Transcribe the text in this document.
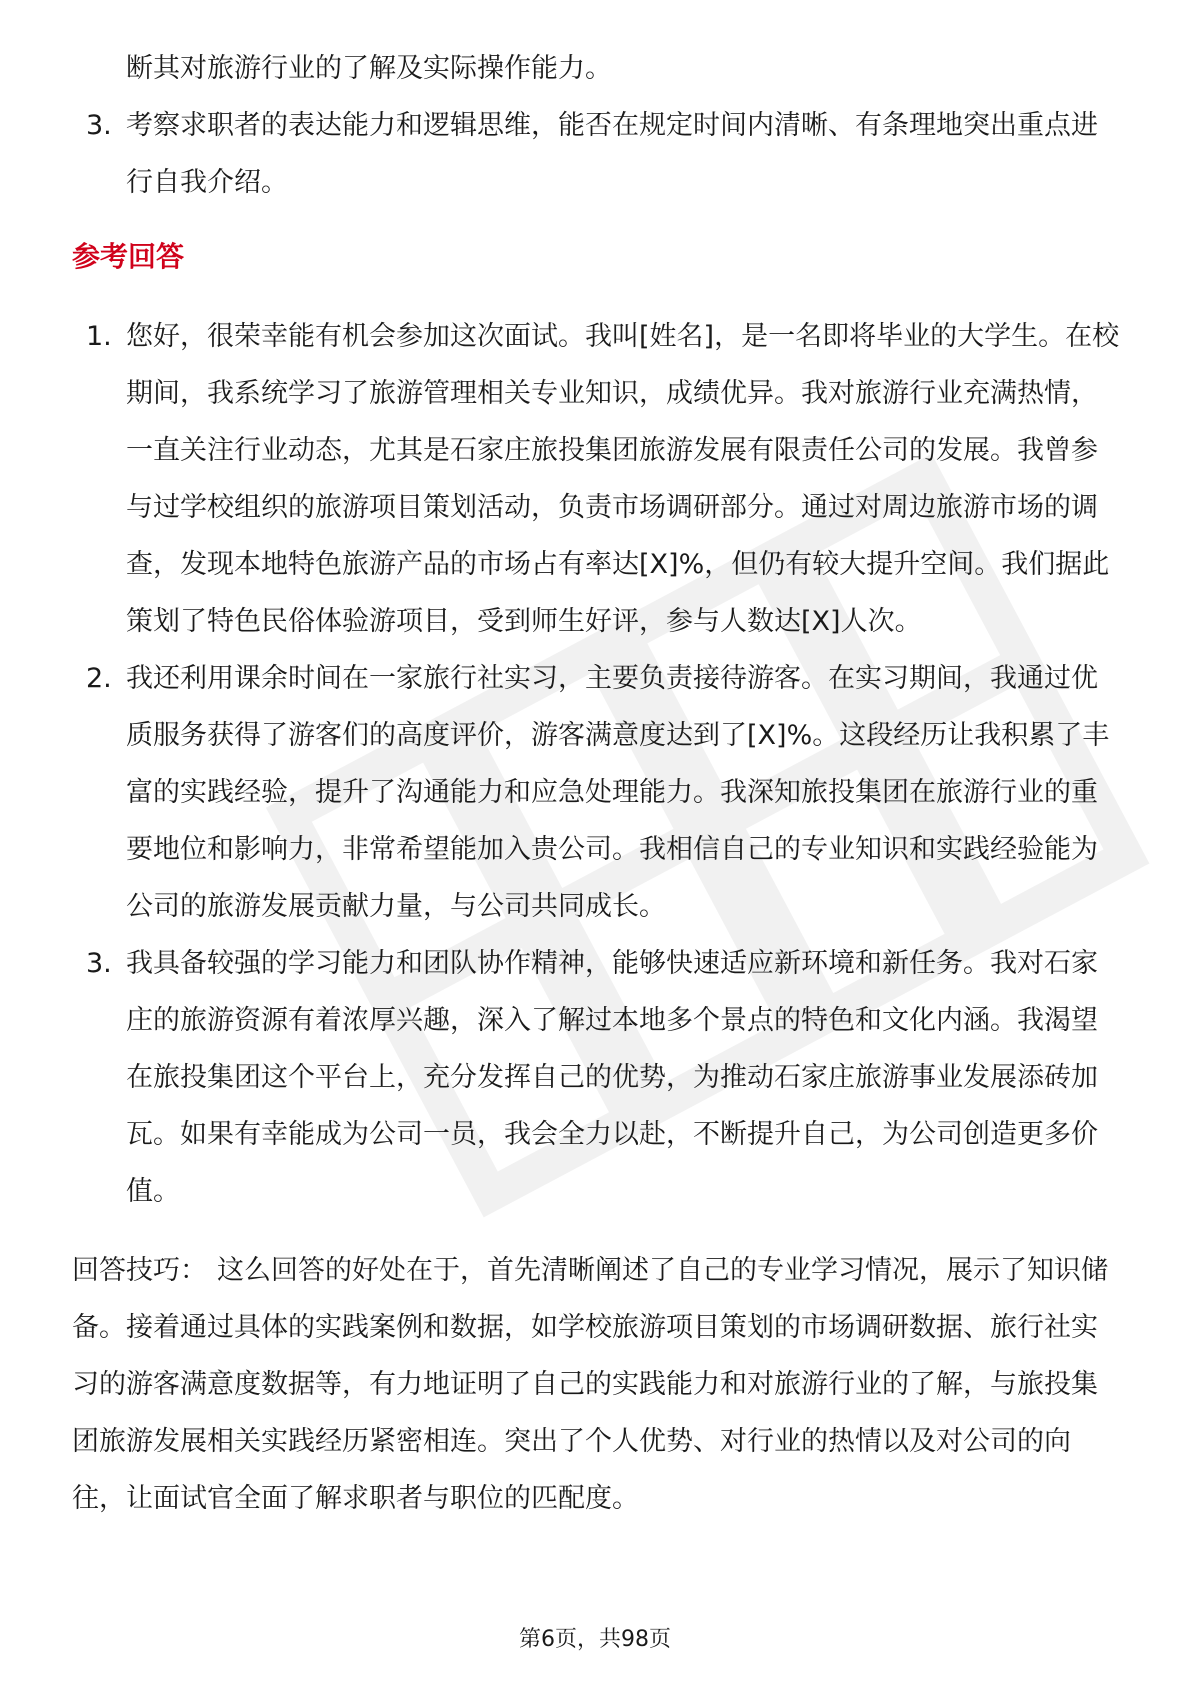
断其对旅游行业的了解及实际操作能力。

3. 考察求职者的表达能力和逻辑思维，能否在规定时间内清晰、有条理地突出重点进行自我介绍。
参考回答
1. 您好，很荣幸能有机会参加这次面试。我叫[姓名]，是一名即将毕业的大学生。在校期间，我系统学习了旅游管理相关专业知识，成绩优异。我对旅游行业充满热情，一直关注行业动态，尤其是石家庄旅投集团旅游发展有限责任公司的发展。我曾参与过学校组织的旅游项目策划活动，负责市场调研部分。通过对周边旅游市场的调查，发现本地特色旅游产品的市场占有率达[X]%，但仍有较大提升空间。我们据此策划了特色民俗体验游项目，受到师生好评，参与人数达[X]人次。
2. 我还利用课余时间在一家旅行社实习，主要负责接待游客。在实习期间，我通过优质服务获得了游客们的高度评价，游客满意度达到了[X]%。这段经历让我积累了丰富的实践经验，提升了沟通能力和应急处理能力。我深知旅投集团在旅游行业的重要地位和影响力，非常希望能加入贵公司。我相信自己的专业知识和实践经验能为公司的旅游发展贡献力量，与公司共同成长。
3. 我具备较强的学习能力和团队协作精神，能够快速适应新环境和新任务。我对石家庄的旅游资源有着浓厚兴趣，深入了解过本地多个景点的特色和文化内涵。我渴望在旅投集团这个平台上，充分发挥自己的优势，为推动石家庄旅游事业发展添砖加瓦。如果有幸能成为公司一员，我会全力以赴，不断提升自己，为公司创造更多价值。
回答技巧： 这么回答的好处在于，首先清晰阐述了自己的专业学习情况，展示了知识储备。接着通过具体的实践案例和数据，如学校旅游项目策划的市场调研数据、旅行社实习的游客满意度数据等，有力地证明了自己的实践能力和对旅游行业的了解，与旅投集团旅游发展相关实践经历紧密相连。突出了个人优势、对行业的热情以及对公司的向往，让面试官全面了解求职者与职位的匹配度。
第6页，共98页
